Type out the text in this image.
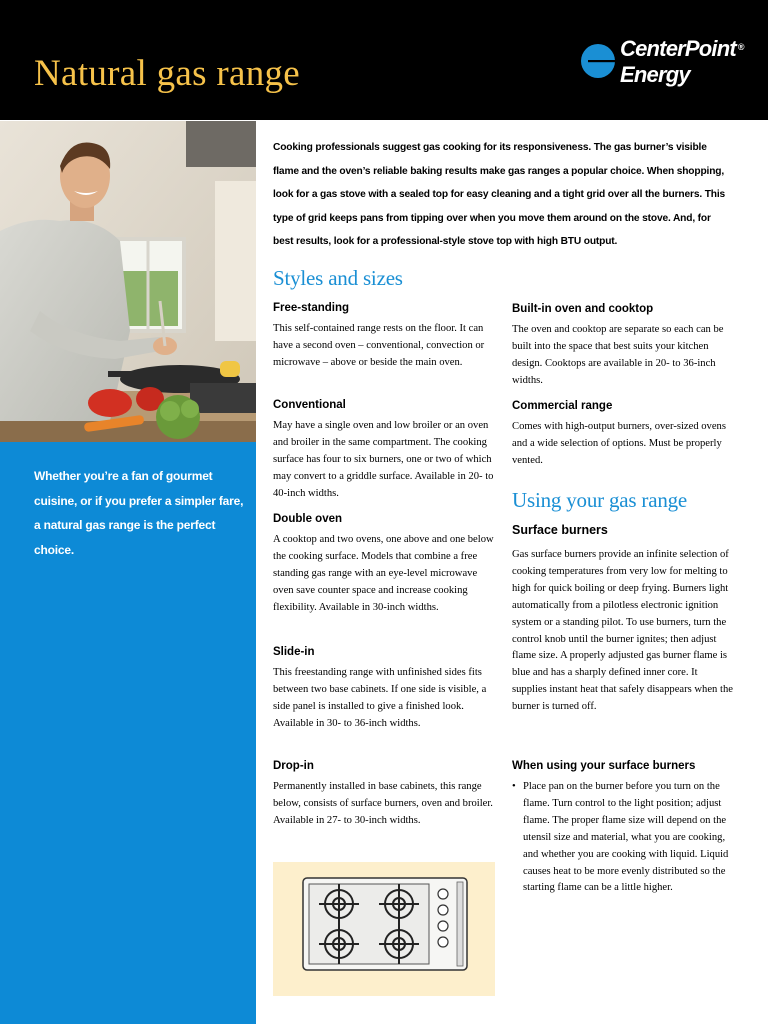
Natural gas range
CenterPoint ®
Energy

Whether you’re a fan of gourmet cuisine, or if you prefer a simpler fare, a natural gas range is the perfect choice.

Cooking professionals suggest gas cooking for its responsiveness. The gas burner’s visible flame and the oven’s reliable baking results make gas ranges a popular choice. When shopping, look for a gas stove with a sealed top for easy cleaning and a tight grid over all the burners. This type of grid keeps pans from tipping over when you move them around on the stove. And, for best results, look for a professional-style stove top with high BTU output.

Styles and sizes
Free-standing

This self-contained range rests on the floor. It can have a second oven – conventional, convection or microwave – above or beside the main oven.

Conventional

May have a single oven and low broiler or an oven and broiler in the same compartment. The cooking surface has four to six burners, one or two of which may convert to a griddle surface. Available in 20- to 40-inch widths.

Double oven

A cooktop and two ovens, one above and one below the cooking surface. Models that combine a free standing gas range with an eye-level microwave oven save counter space and increase cooking flexibility. Available in 30-inch widths.

Slide-in

This freestanding range with unfinished sides fits between two base cabinets. If one side is visible, a side panel is installed to give a finished look. Available in 30- to 36-inch widths.

Drop-in

Permanently installed in base cabinets, this range below, consists of surface burners, oven and broiler. Available in 27- to 30-inch widths.

Built-in oven and cooktop

The oven and cooktop are separate so each can be built into the space that best suits your kitchen design. Cooktops are available in 20- to 36-inch widths.

Commercial range

Comes with high-output burners, over-sized ovens and a wide selection of options. Must be properly vented.

Using your gas range
Surface burners

Gas surface burners provide an infinite selection of cooking temperatures from very low for melting to high for quick boiling or deep frying. Burners light automatically from a pilotless electronic ignition system or a standing pilot. To use burners, turn the control knob until the burner ignites; then adjust flame size. A properly adjusted gas burner flame is blue and has a sharply defined inner core. It supplies instant heat that safely disappears when the burner is turned off.

When using your surface burners
• Place pan on the burner before you turn on the flame. Turn control to the light position; adjust flame. The proper flame size will depend on the utensil size and material, what you are cooking, and whether you are cooking with liquid. Liquid causes heat to be more evenly distributed so the starting flame can be a little higher.
